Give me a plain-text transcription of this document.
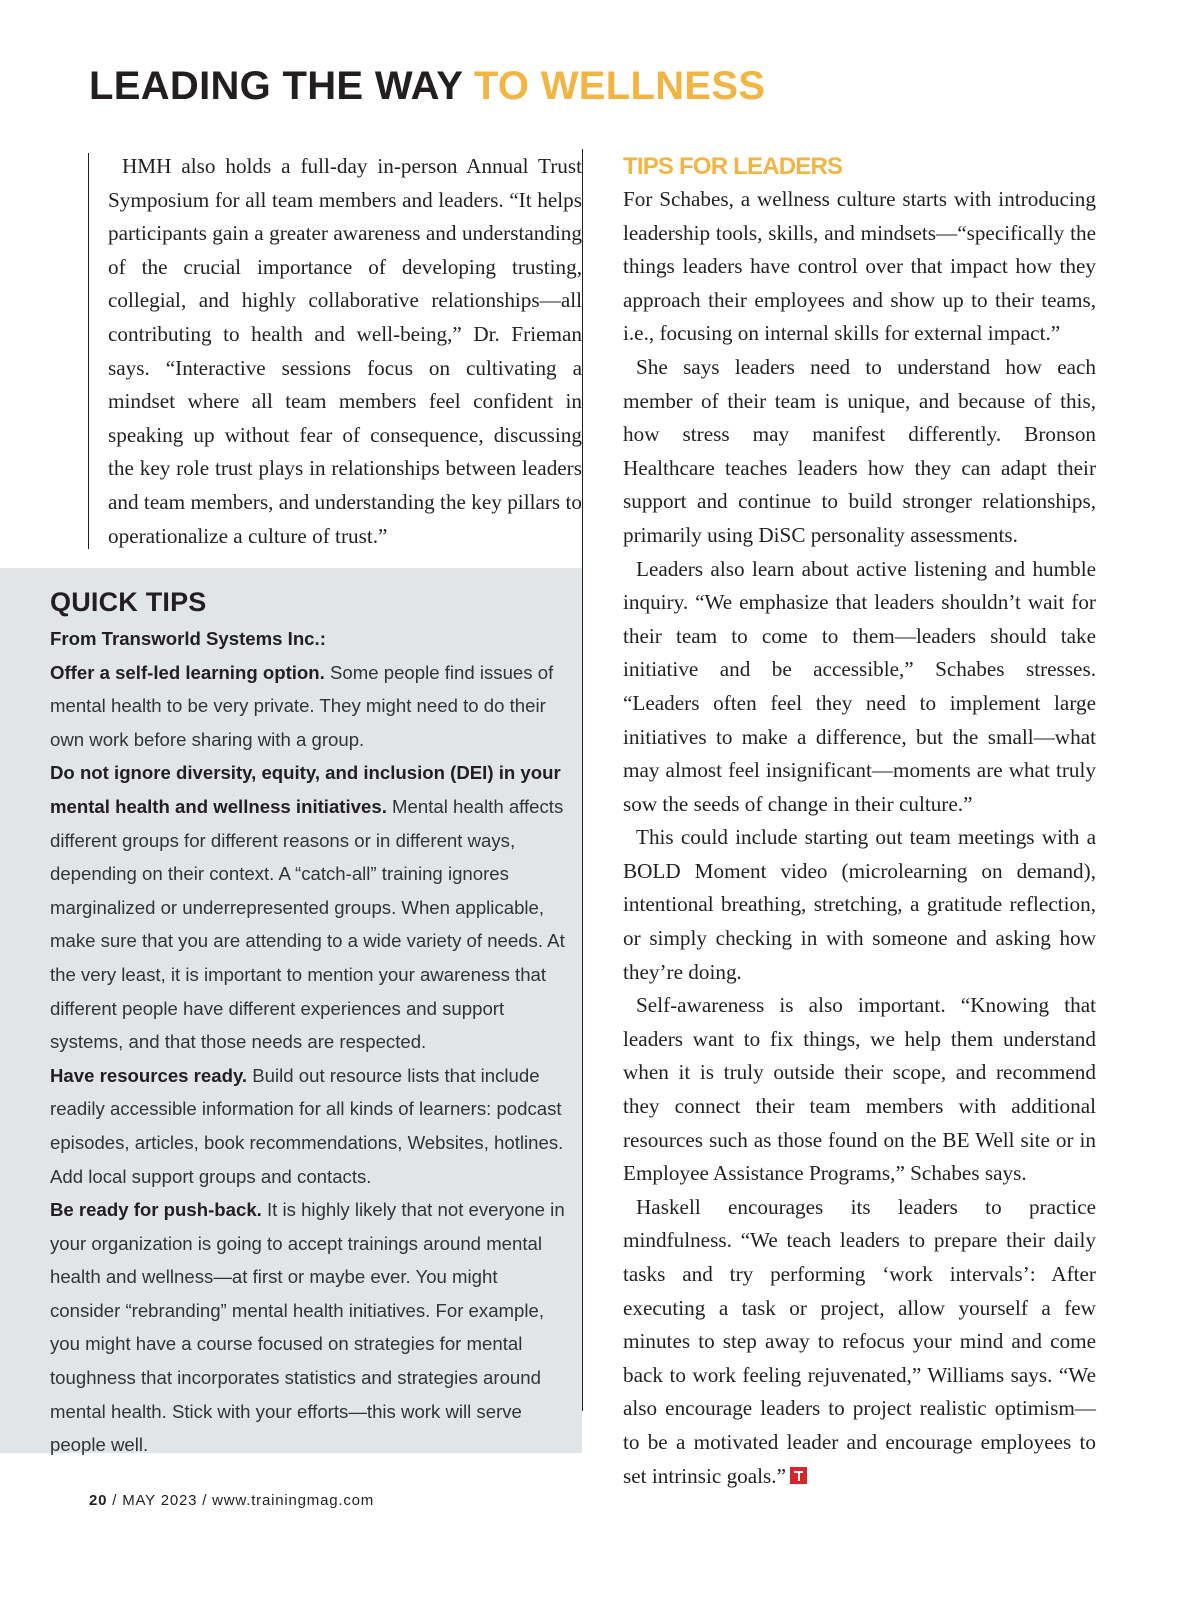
LEADING THE WAY TO WELLNESS

HMH also holds a full-day in-person Annual Trust Symposium for all team members and leaders. “It helps participants gain a greater awareness and understanding of the crucial importance of developing trusting, collegial, and highly collaborative relationships—all contributing to health and well-being,” Dr. Frieman says. “Interactive sessions focus on cultivating a mindset where all team members feel confident in speaking up without fear of consequence, discussing the key role trust plays in relationships between leaders and team members, and understanding the key pillars to operationalize a culture of trust.”

QUICK TIPS

From Transworld Systems Inc.:

Offer a self-led learning option. Some people find issues of mental health to be very private. They might need to do their own work before sharing with a group.

Do not ignore diversity, equity, and inclusion (DEI) in your mental health and wellness initiatives. Mental health affects different groups for different reasons or in different ways, depending on their context. A “catch-all” training ignores marginalized or underrepresented groups. When applicable, make sure that you are attending to a wide variety of needs. At the very least, it is important to mention your awareness that different people have different experiences and support systems, and that those needs are respected.

Have resources ready. Build out resource lists that include readily accessible information for all kinds of learners: podcast episodes, articles, book recommendations, Websites, hotlines. Add local support groups and contacts.

Be ready for push-back. It is highly likely that not everyone in your organization is going to accept trainings around mental health and wellness—at first or maybe ever. You might consider “rebranding” mental health initiatives. For example, you might have a course focused on strategies for mental toughness that incorporates statistics and strategies around mental health. Stick with your efforts—this work will serve people well.

TIPS FOR LEADERS

For Schabes, a wellness culture starts with introducing leadership tools, skills, and mindsets—“specifically the things leaders have control over that impact how they approach their employees and show up to their teams, i.e., focusing on internal skills for external impact.”

She says leaders need to understand how each member of their team is unique, and because of this, how stress may manifest differently. Bronson Healthcare teaches leaders how they can adapt their support and continue to build stronger relationships, primarily using DiSC personality assessments.

Leaders also learn about active listening and humble inquiry. “We emphasize that leaders shouldn’t wait for their team to come to them—leaders should take initiative and be accessible,” Schabes stresses. “Leaders often feel they need to implement large initiatives to make a difference, but the small—what may almost feel insignificant—moments are what truly sow the seeds of change in their culture.”

This could include starting out team meetings with a BOLD Moment video (microlearning on demand), intentional breathing, stretching, a gratitude reflection, or simply checking in with someone and asking how they’re doing.

Self-awareness is also important. “Knowing that leaders want to fix things, we help them understand when it is truly outside their scope, and recommend they connect their team members with additional resources such as those found on the BE Well site or in Employee Assistance Programs,” Schabes says.

Haskell encourages its leaders to practice mindfulness. “We teach leaders to prepare their daily tasks and try performing ‘work intervals’: After executing a task or project, allow yourself a few minutes to step away to refocus your mind and come back to work feeling rejuvenated,” Williams says. “We also encourage leaders to project realistic optimism—to be a motivated leader and encourage employees to set intrinsic goals.”

20 / MAY 2023 / www.trainingmag.com
